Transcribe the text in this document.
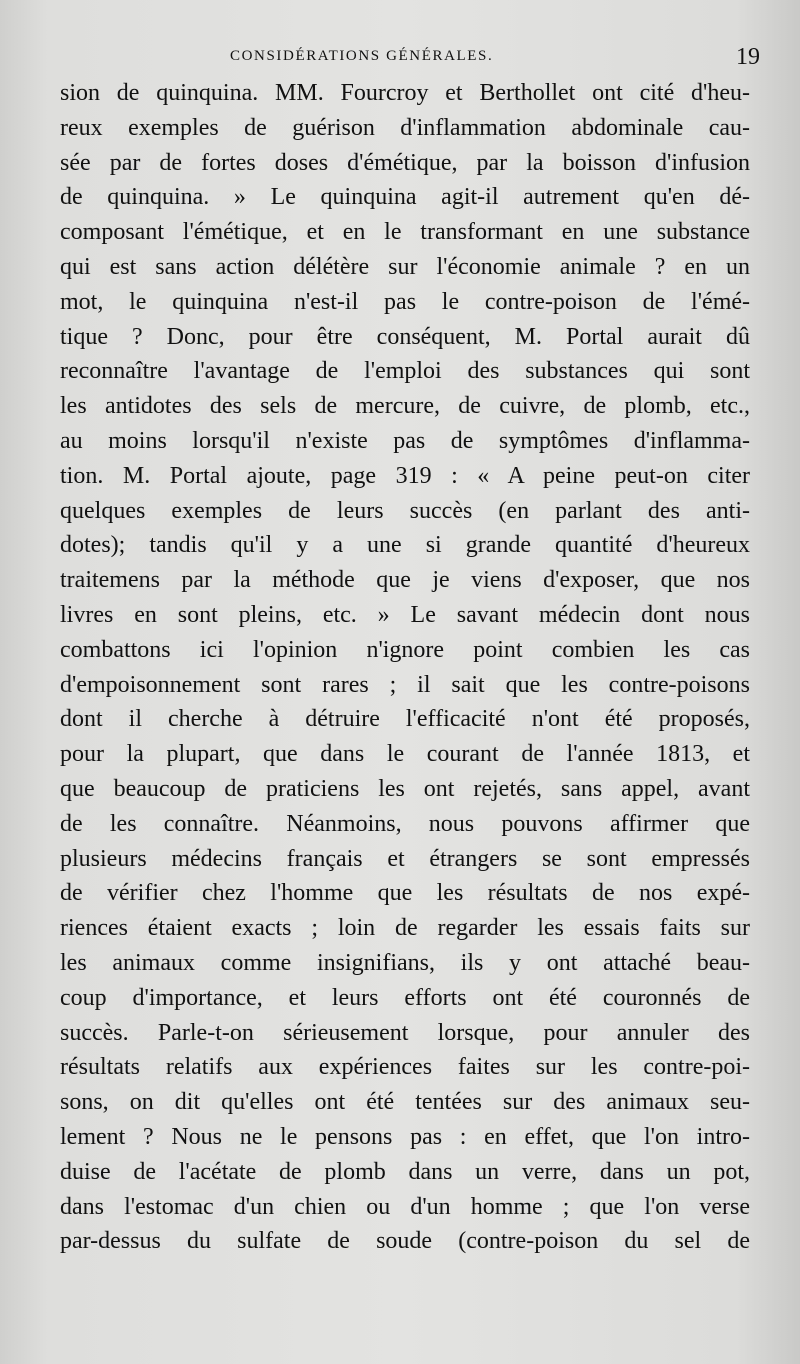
CONSIDÉRATIONS GÉNÉRALES.	19
sion de quinquina. MM. Fourcroy et Berthollet ont cité d'heu-
reux exemples de guérison d'inflammation abdominale cau-
sée par de fortes doses d'émétique, par la boisson d'infusion
de quinquina. » Le quinquina agit-il autrement qu'en dé-
composant l'émétique, et en le transformant en une substance
qui est sans action délétère sur l'économie animale ? en un
mot, le quinquina n'est-il pas le contre-poison de l'émé-
tique ? Donc, pour être conséquent, M. Portal aurait dû
reconnaître l'avantage de l'emploi des substances qui sont
les antidotes des sels de mercure, de cuivre, de plomb, etc.,
au moins lorsqu'il n'existe pas de symptômes d'inflamma-
tion. M. Portal ajoute, page 319 : « A peine peut-on citer
quelques exemples de leurs succès (en parlant des anti-
dotes); tandis qu'il y a une si grande quantité d'heureux
traitemens par la méthode que je viens d'exposer, que nos
livres en sont pleins, etc. » Le savant médecin dont nous
combattons ici l'opinion n'ignore point combien les cas
d'empoisonnement sont rares ; il sait que les contre-poisons
dont il cherche à détruire l'efficacité n'ont été proposés,
pour la plupart, que dans le courant de l'année 1813, et
que beaucoup de praticiens les ont rejetés, sans appel, avant
de les connaître. Néanmoins, nous pouvons affirmer que
plusieurs médecins français et étrangers se sont empressés
de vérifier chez l'homme que les résultats de nos expé-
riences étaient exacts ; loin de regarder les essais faits sur
les animaux comme insignifians, ils y ont attaché beau-
coup d'importance, et leurs efforts ont été couronnés de
succès. Parle-t-on sérieusement lorsque, pour annuler des
résultats relatifs aux expériences faites sur les contre-poi-
sons, on dit qu'elles ont été tentées sur des animaux seu-
lement ? Nous ne le pensons pas : en effet, que l'on intro-
duise de l'acétate de plomb dans un verre, dans un pot,
dans l'estomac d'un chien ou d'un homme ; que l'on verse
par-dessus du sulfate de soude (contre-poison du sel de
